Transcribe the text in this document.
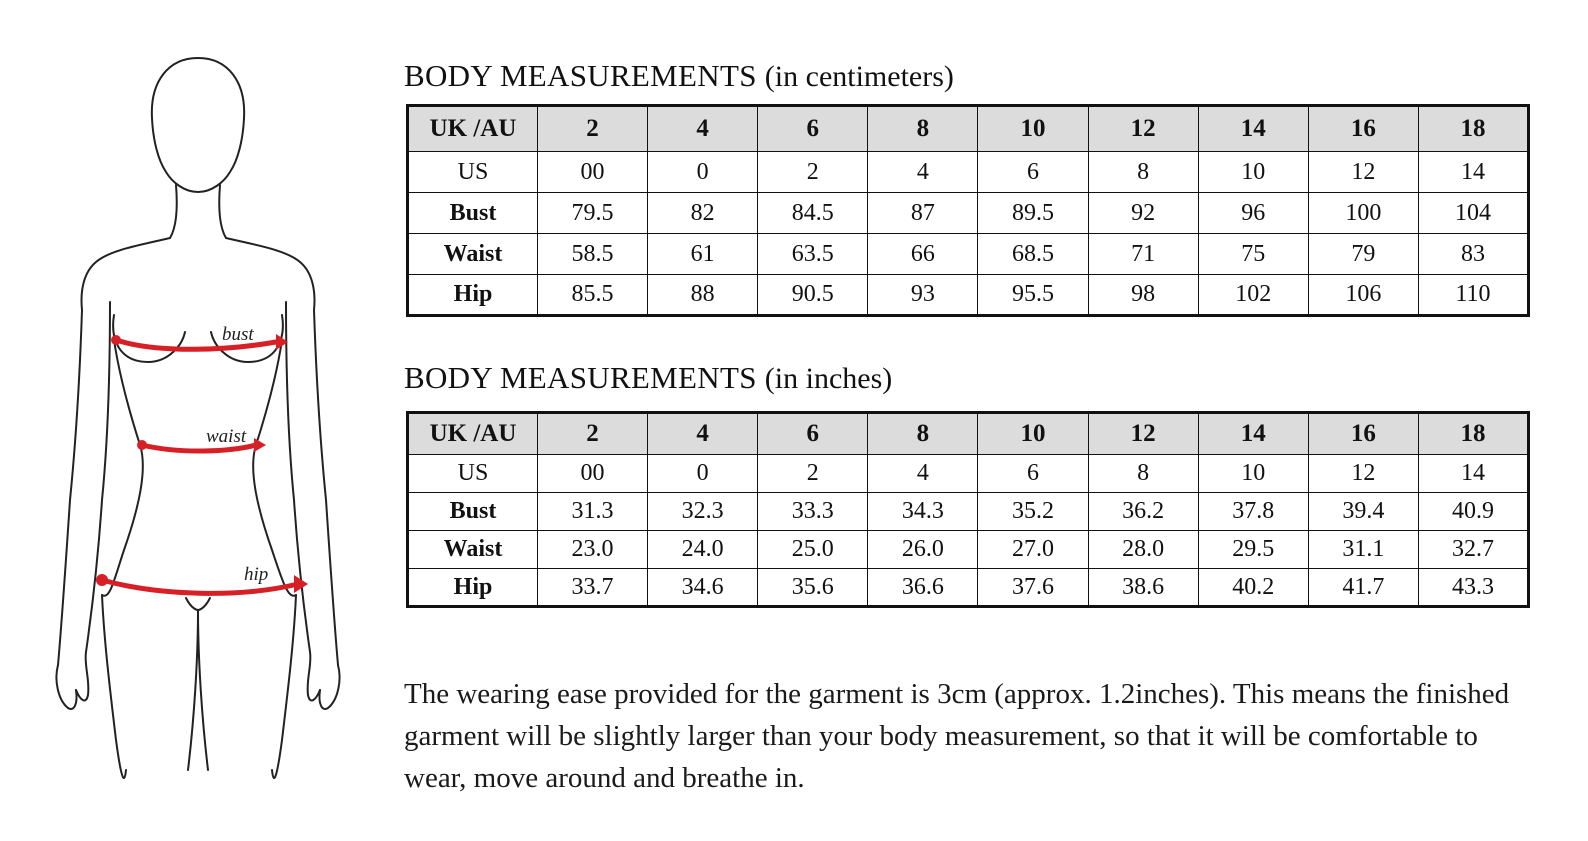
bust
waist
hip
BODY MEASUREMENTS (in centimeters)
UK /AU	2	4	6	8	10	12	14	16	18
US	00	0	2	4	6	8	10	12	14
Bust	79.5	82	84.5	87	89.5	92	96	100	104
Waist	58.5	61	63.5	66	68.5	71	75	79	83
Hip	85.5	88	90.5	93	95.5	98	102	106	110
BODY MEASUREMENTS (in inches)
UK /AU	2	4	6	8	10	12	14	16	18
US	00	0	2	4	6	8	10	12	14
Bust	31.3	32.3	33.3	34.3	35.2	36.2	37.8	39.4	40.9
Waist	23.0	24.0	25.0	26.0	27.0	28.0	29.5	31.1	32.7
Hip	33.7	34.6	35.6	36.6	37.6	38.6	40.2	41.7	43.3

The wearing ease provided for the garment is 3cm (approx. 1.2inches). This means the finished garment will be slightly larger than your body measurement, so that it will be comfortable to wear, move around and breathe in.
